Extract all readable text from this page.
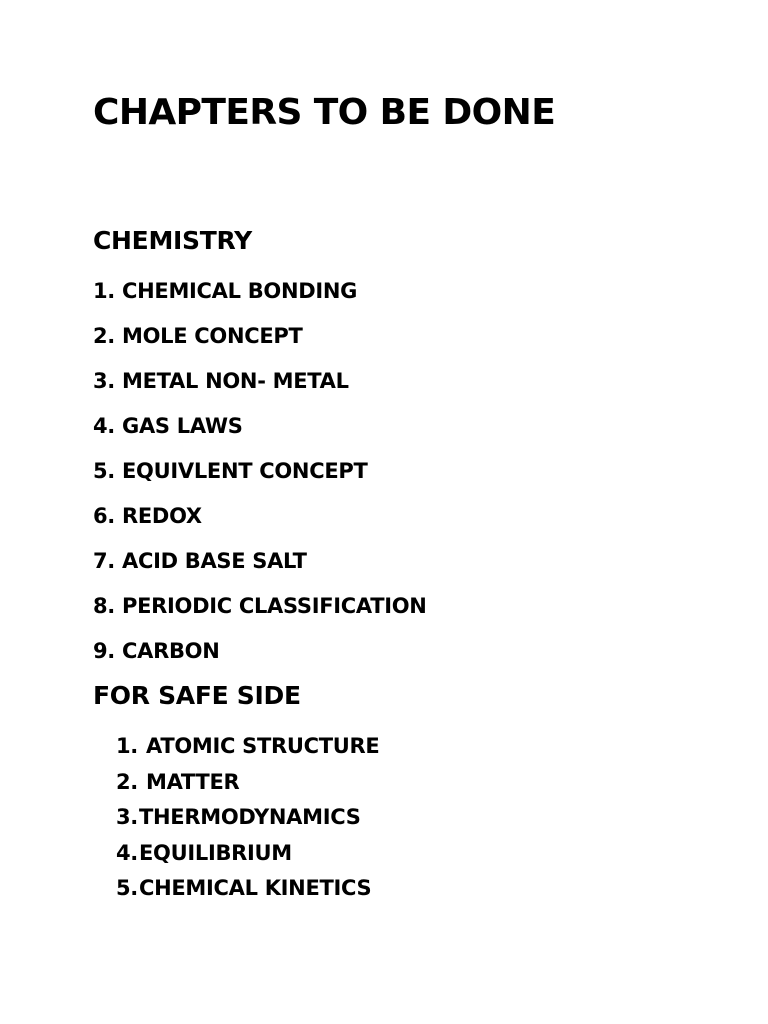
CHAPTERS TO BE DONE
CHEMISTRY
1. CHEMICAL BONDING
2. MOLE CONCEPT
3. METAL NON- METAL
4. GAS LAWS
5. EQUIVLENT CONCEPT
6. REDOX
7. ACID BASE SALT
8. PERIODIC CLASSIFICATION
9. CARBON
FOR SAFE SIDE
1. ATOMIC STRUCTURE
2. MATTER
3.THERMODYNAMICS
4.EQUILIBRIUM
5.CHEMICAL KINETICS
